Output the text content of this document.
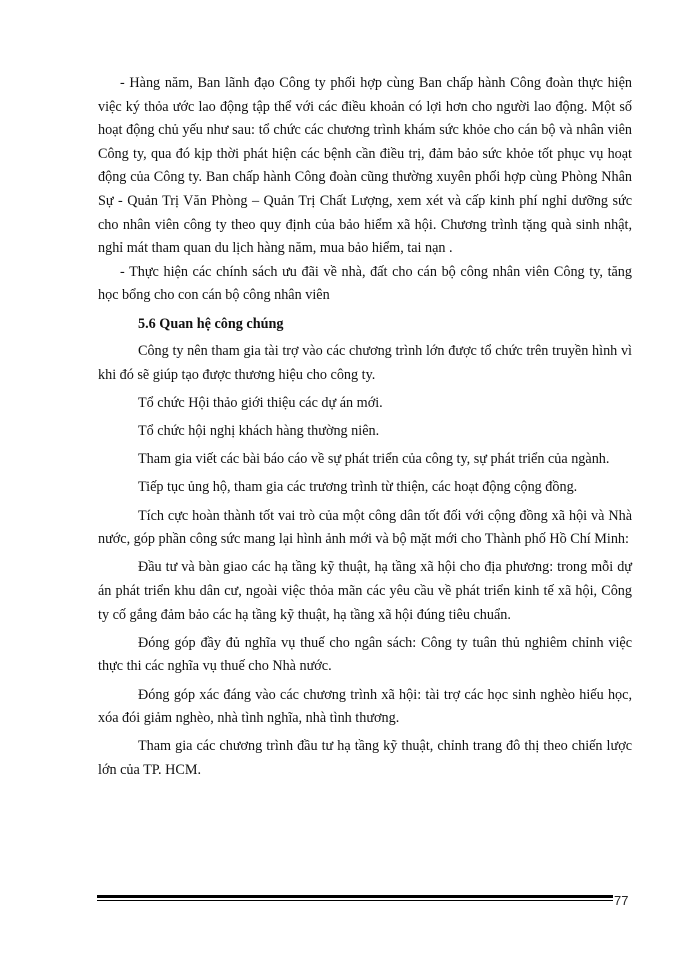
- Hàng năm, Ban lãnh đạo Công ty phối hợp cùng Ban chấp hành Công đoàn thực hiện việc ký thỏa ước lao động tập thể với các điều khoản có lợi hơn cho người lao động. Một số hoạt động chủ yếu như sau: tổ chức các chương trình khám sức khỏe cho cán bộ và nhân viên Công ty, qua đó kịp thời phát hiện các bệnh cần điều trị, đảm bảo sức khỏe tốt phục vụ hoạt động của Công ty. Ban chấp hành Công đoàn cũng thường xuyên phối hợp cùng Phòng Nhân Sự - Quản Trị Văn Phòng – Quản Trị Chất Lượng, xem xét và cấp kinh phí nghỉ dưỡng sức cho nhân viên công ty theo quy định của bảo hiểm xã hội. Chương trình tặng quà sinh nhật, nghỉ mát tham quan du lịch hàng năm, mua bảo hiểm, tai nạn .

- Thực hiện các chính sách ưu đãi về nhà, đất cho cán bộ công nhân viên Công ty, tăng học bổng cho con cán bộ công nhân viên

5.6 Quan hệ công chúng

Công ty nên tham gia tài trợ vào các chương trình lớn được tổ chức trên truyền hình vì khi đó sẽ giúp tạo được thương hiệu cho công ty.

Tổ chức Hội thảo giới thiệu các dự án mới.

Tổ chức hội nghị khách hàng thường niên.

Tham gia viết các bài báo cáo về sự phát triển của công ty, sự phát triển của ngành.

Tiếp tục ủng hộ, tham gia các trương trình từ thiện, các hoạt động cộng đồng.

Tích cực hoàn thành tốt vai trò của một công dân tốt đối với cộng đồng xã hội và Nhà nước, góp phần công sức mang lại hình ảnh mới và bộ mặt mới cho Thành phố Hồ Chí Minh:

Đầu tư và bàn giao các hạ tầng kỹ thuật, hạ tầng xã hội cho địa phương: trong mỗi dự án phát triển khu dân cư, ngoài việc thỏa mãn các yêu cầu về phát triển kinh tế xã hội, Công ty cố gắng đảm bảo các hạ tầng kỹ thuật, hạ tầng xã hội đúng tiêu chuẩn.

Đóng góp đầy đủ nghĩa vụ thuế cho ngân sách: Công ty tuân thủ nghiêm chỉnh việc thực thi các nghĩa vụ thuế cho Nhà nước.

Đóng góp xác đáng vào các chương trình xã hội: tài trợ các học sinh nghèo hiếu học, xóa đói giảm nghèo, nhà tình nghĩa, nhà tình thương.

Tham gia các chương trình đầu tư hạ tầng kỹ thuật, chỉnh trang đô thị theo chiến lược lớn của TP. HCM.

77
